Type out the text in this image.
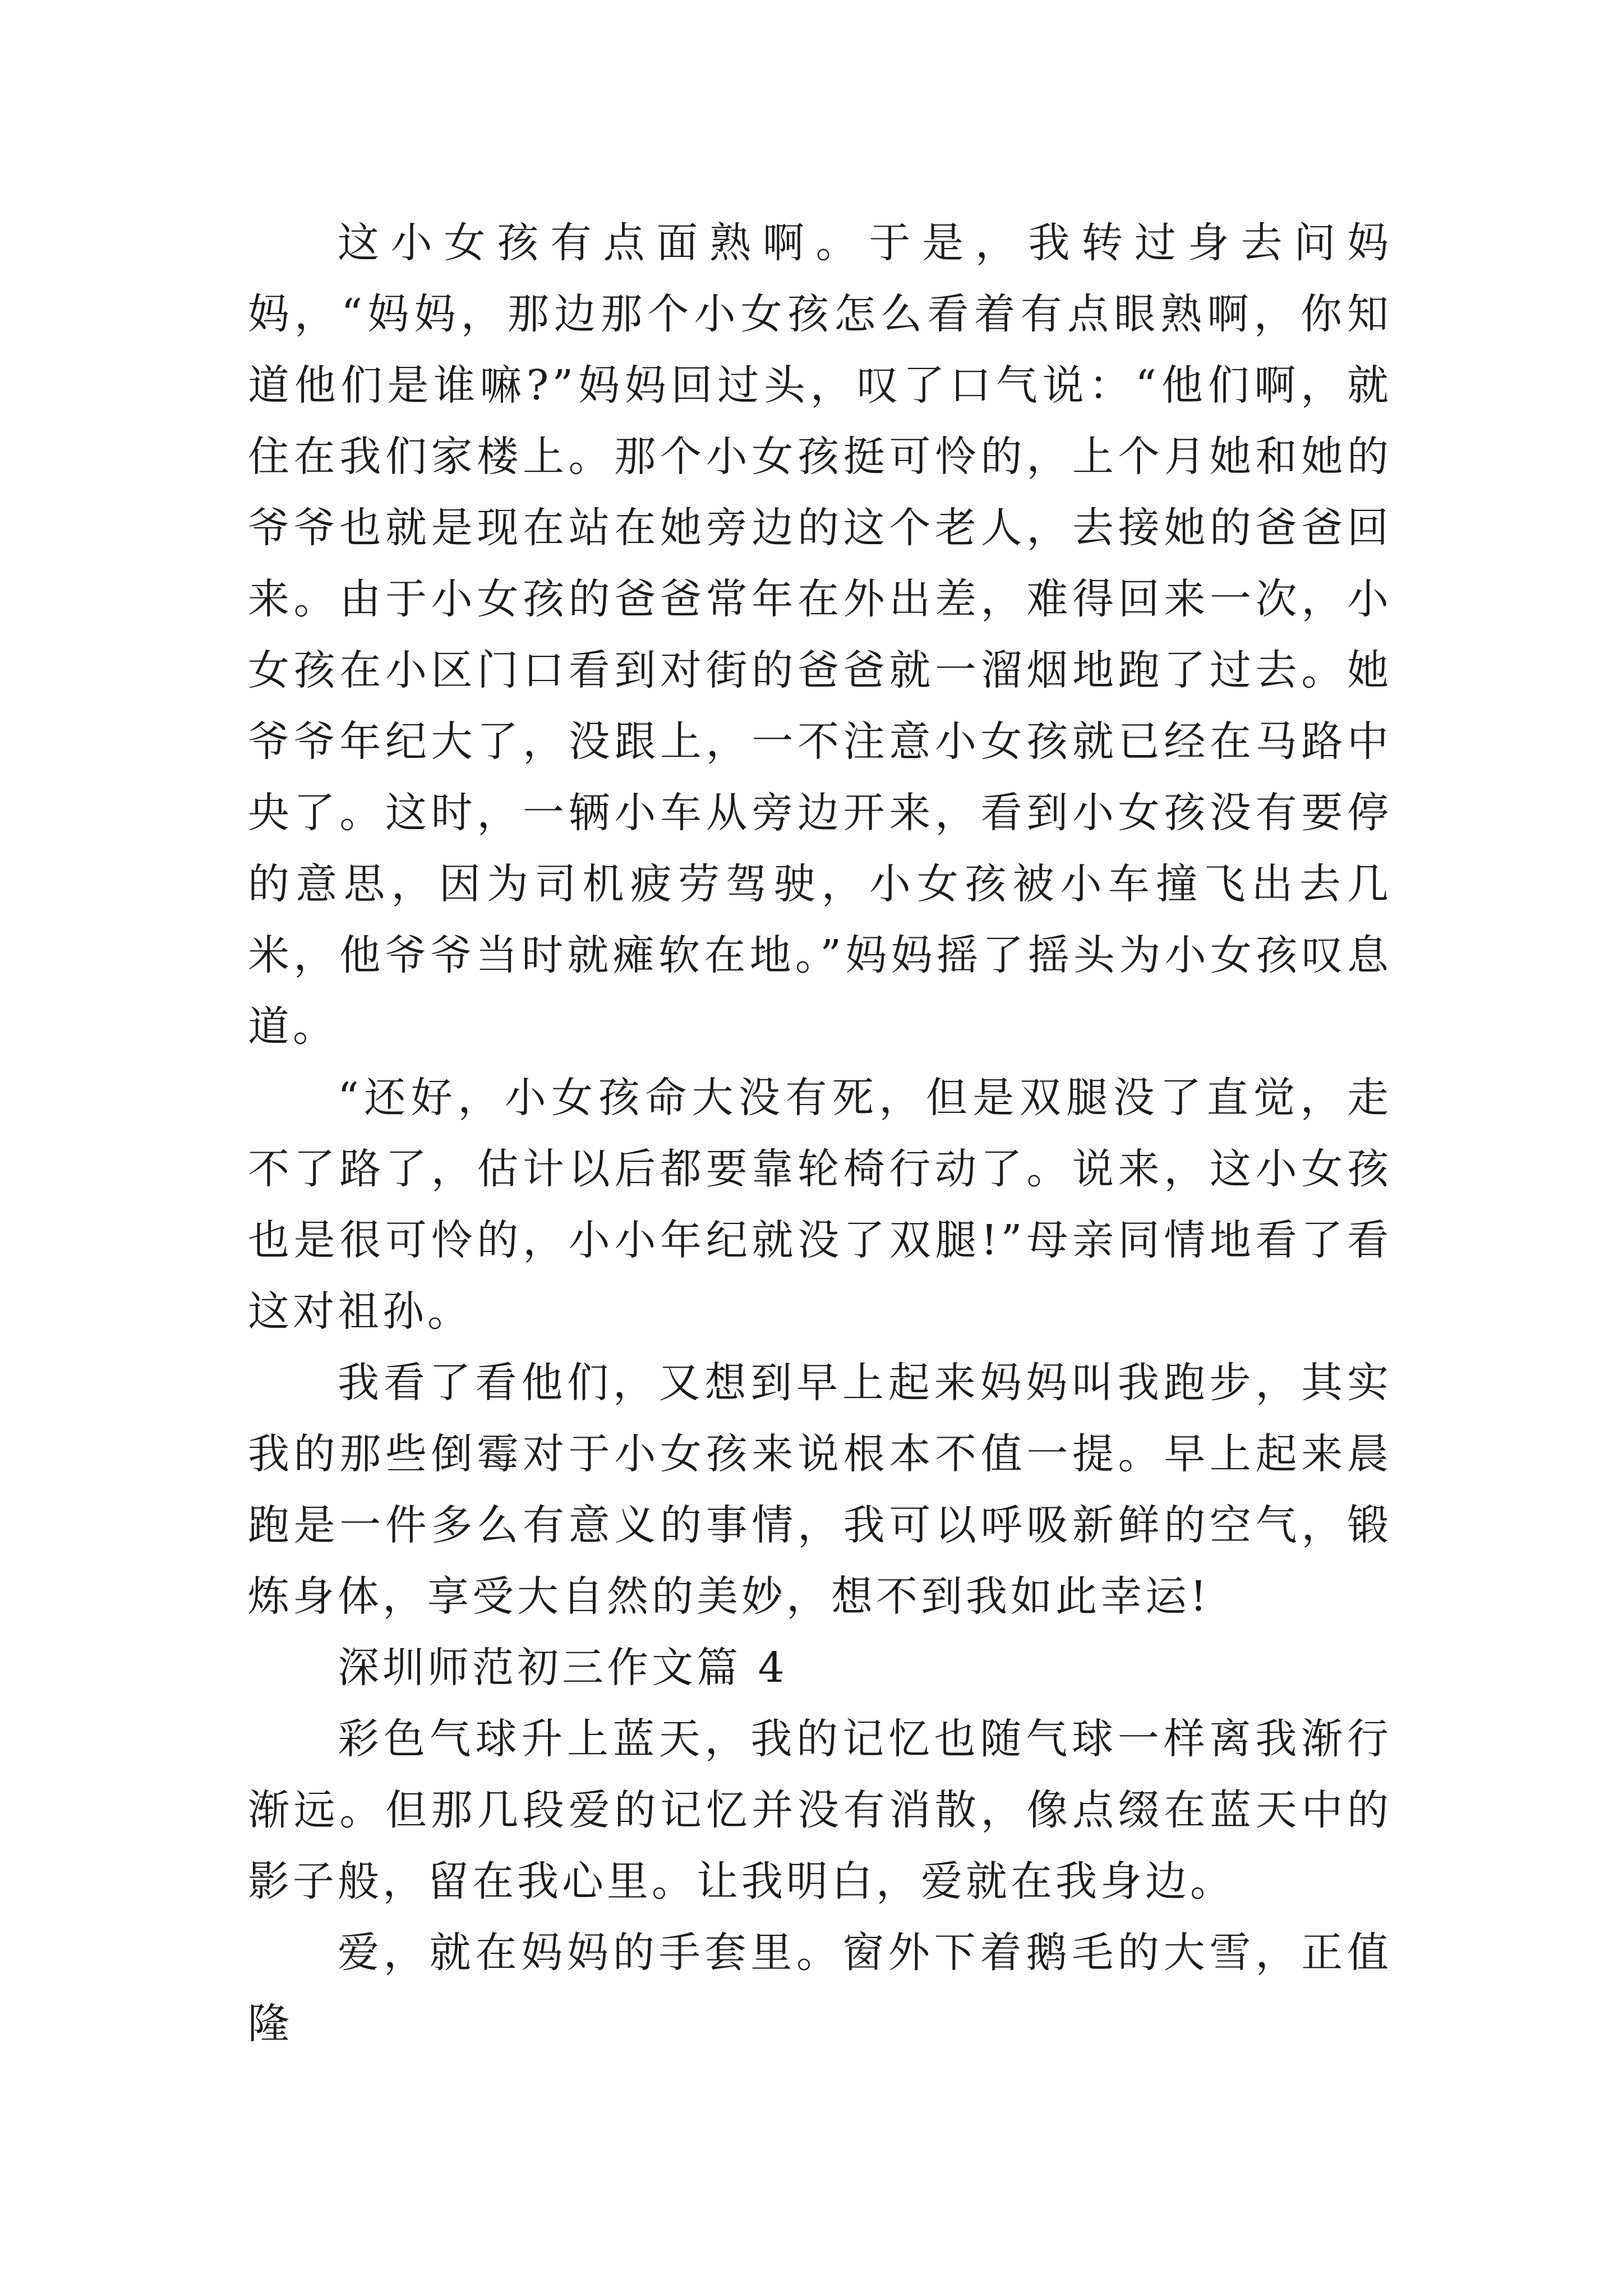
这小女孩有点面熟啊。于是，我转过身去问妈妈，“妈妈，那边那个小女孩怎么看着有点眼熟啊，你知道他们是谁嘛?”妈妈回过头，叹了口气说：“他们啊，就住在我们家楼上。那个小女孩挺可怜的，上个月她和她的爷爷也就是现在站在她旁边的这个老人，去接她的爸爸回来。由于小女孩的爸爸常年在外出差，难得回来一次，小女孩在小区门口看到对街的爸爸就一溜烟地跑了过去。她爷爷年纪大了，没跟上，一不注意小女孩就已经在马路中央了。这时，一辆小车从旁边开来，看到小女孩没有要停的意思，因为司机疲劳驾驶，小女孩被小车撞飞出去几米，他爷爷当时就瘫软在地。”妈妈摇了摇头为小女孩叹息道。

“还好，小女孩命大没有死，但是双腿没了直觉，走不了路了，估计以后都要靠轮椅行动了。说来，这小女孩也是很可怜的，小小年纪就没了双腿!”母亲同情地看了看这对祖孙。

我看了看他们，又想到早上起来妈妈叫我跑步，其实我的那些倒霉对于小女孩来说根本不值一提。早上起来晨跑是一件多么有意义的事情，我可以呼吸新鲜的空气，锻炼身体，享受大自然的美妙，想不到我如此幸运!

深圳师范初三作文篇 4

彩色气球升上蓝天，我的记忆也随气球一样离我渐行渐远。但那几段爱的记忆并没有消散，像点缀在蓝天中的影子般，留在我心里。让我明白，爱就在我身边。

爱，就在妈妈的手套里。窗外下着鹅毛的大雪，正值隆
